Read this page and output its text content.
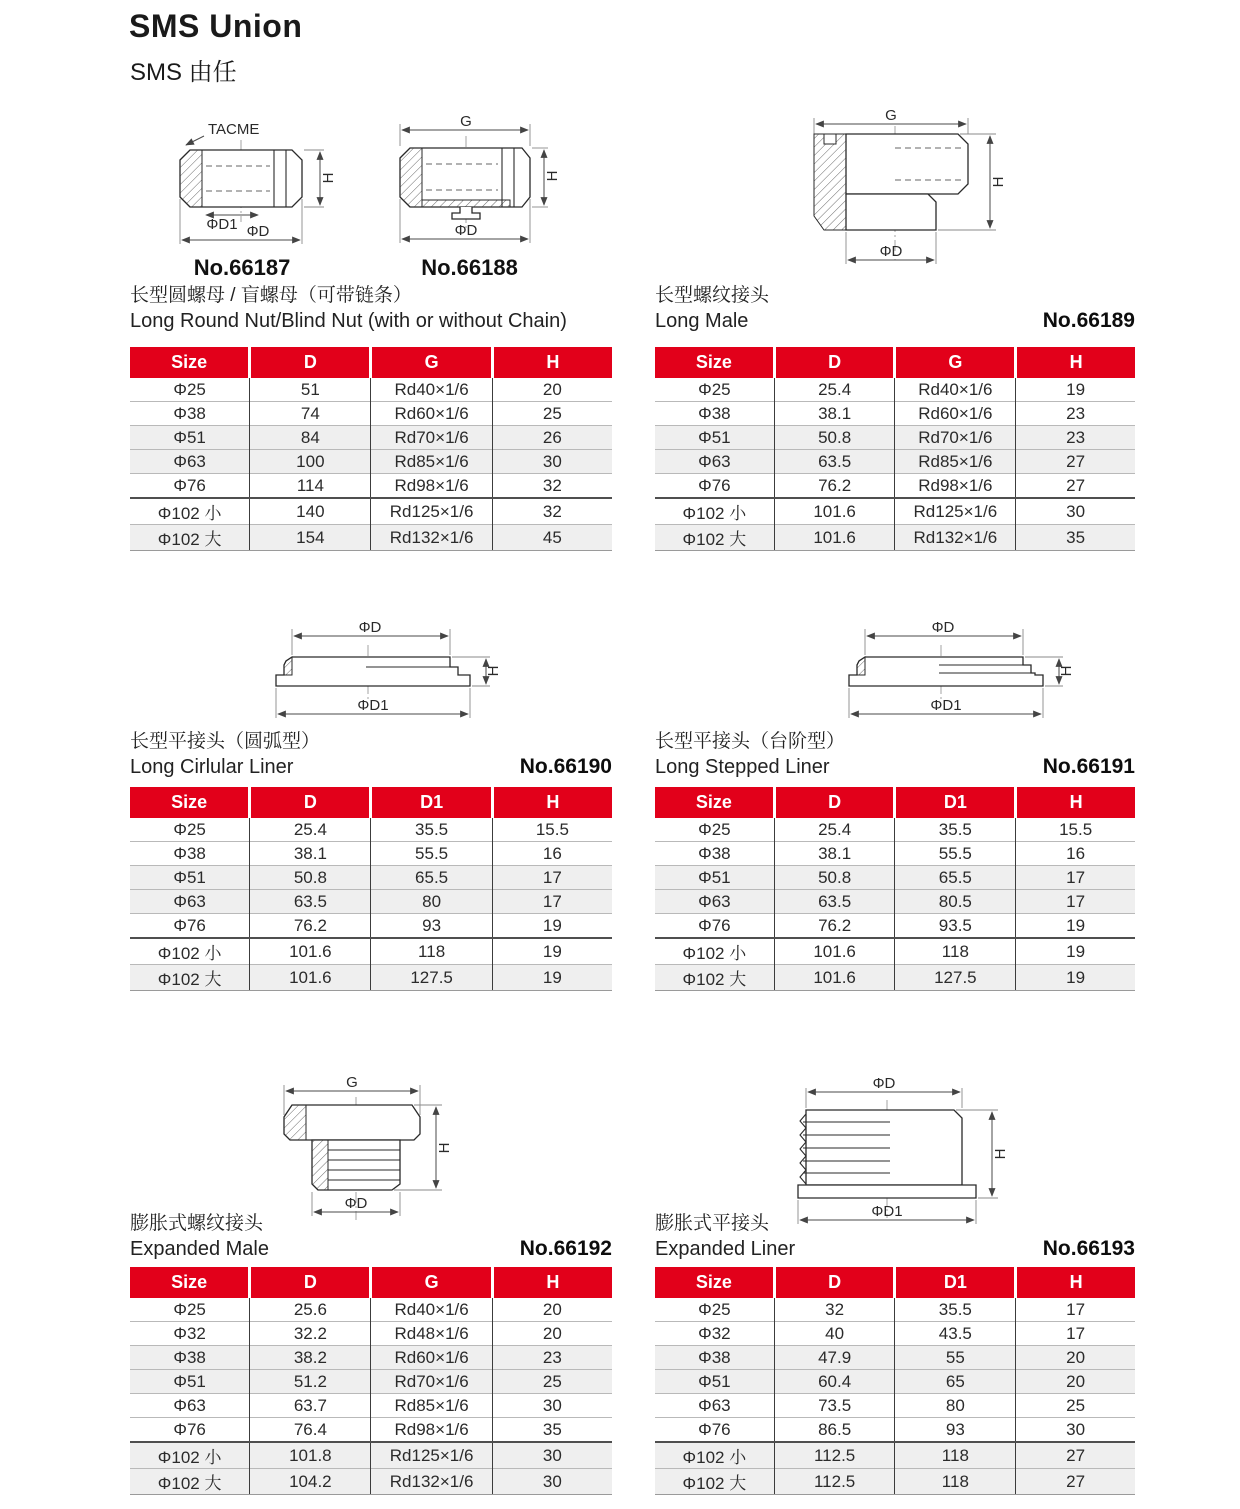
SMS Union
SMS 由任
TACME
H
ΦD1 ΦD
No.66187
G
H
ΦD
No.66188
G
H
ΦD
长型圆螺母 / 盲螺母（可带链条）
Long Round Nut/Blind Nut (with or without Chain)
长型螺纹接头
Long Male	No.66189
Size	D	G	H
Φ25	51	Rd40×1/6	20
Φ38	74	Rd60×1/6	25
Φ51	84	Rd70×1/6	26
Φ63	100	Rd85×1/6	30
Φ76	114	Rd98×1/6	32
Φ102 小	140	Rd125×1/6	32
Φ102 大	154	Rd132×1/6	45
Size	D	G	H
Φ25	25.4	Rd40×1/6	19
Φ38	38.1	Rd60×1/6	23
Φ51	50.8	Rd70×1/6	23
Φ63	63.5	Rd85×1/6	27
Φ76	76.2	Rd98×1/6	27
Φ102 小	101.6	Rd125×1/6	30
Φ102 大	101.6	Rd132×1/6	35
ΦD
H
ΦD1
ΦD
H
ΦD1
长型平接头（圆弧型）
Long Cirlular Liner	No.66190
长型平接头（台阶型）
Long Stepped Liner	No.66191
Size	D	D1	H
Φ25	25.4	35.5	15.5
Φ38	38.1	55.5	16
Φ51	50.8	65.5	17
Φ63	63.5	80	17
Φ76	76.2	93	19
Φ102 小	101.6	118	19
Φ102 大	101.6	127.5	19
Size	D	D1	H
Φ25	25.4	35.5	15.5
Φ38	38.1	55.5	16
Φ51	50.8	65.5	17
Φ63	63.5	80.5	17
Φ76	76.2	93.5	19
Φ102 小	101.6	118	19
Φ102 大	101.6	127.5	19
G
H
ΦD
ΦD
H
ΦD1
膨胀式螺纹接头
Expanded Male	No.66192
膨胀式平接头
Expanded Liner	No.66193
Size	D	G	H
Φ25	25.6	Rd40×1/6	20
Φ32	32.2	Rd48×1/6	20
Φ38	38.2	Rd60×1/6	23
Φ51	51.2	Rd70×1/6	25
Φ63	63.7	Rd85×1/6	30
Φ76	76.4	Rd98×1/6	35
Φ102 小	101.8	Rd125×1/6	30
Φ102 大	104.2	Rd132×1/6	30
Size	D	D1	H
Φ25	32	35.5	17
Φ32	40	43.5	17
Φ38	47.9	55	20
Φ51	60.4	65	20
Φ63	73.5	80	25
Φ76	86.5	93	30
Φ102 小	112.5	118	27
Φ102 大	112.5	118	27
